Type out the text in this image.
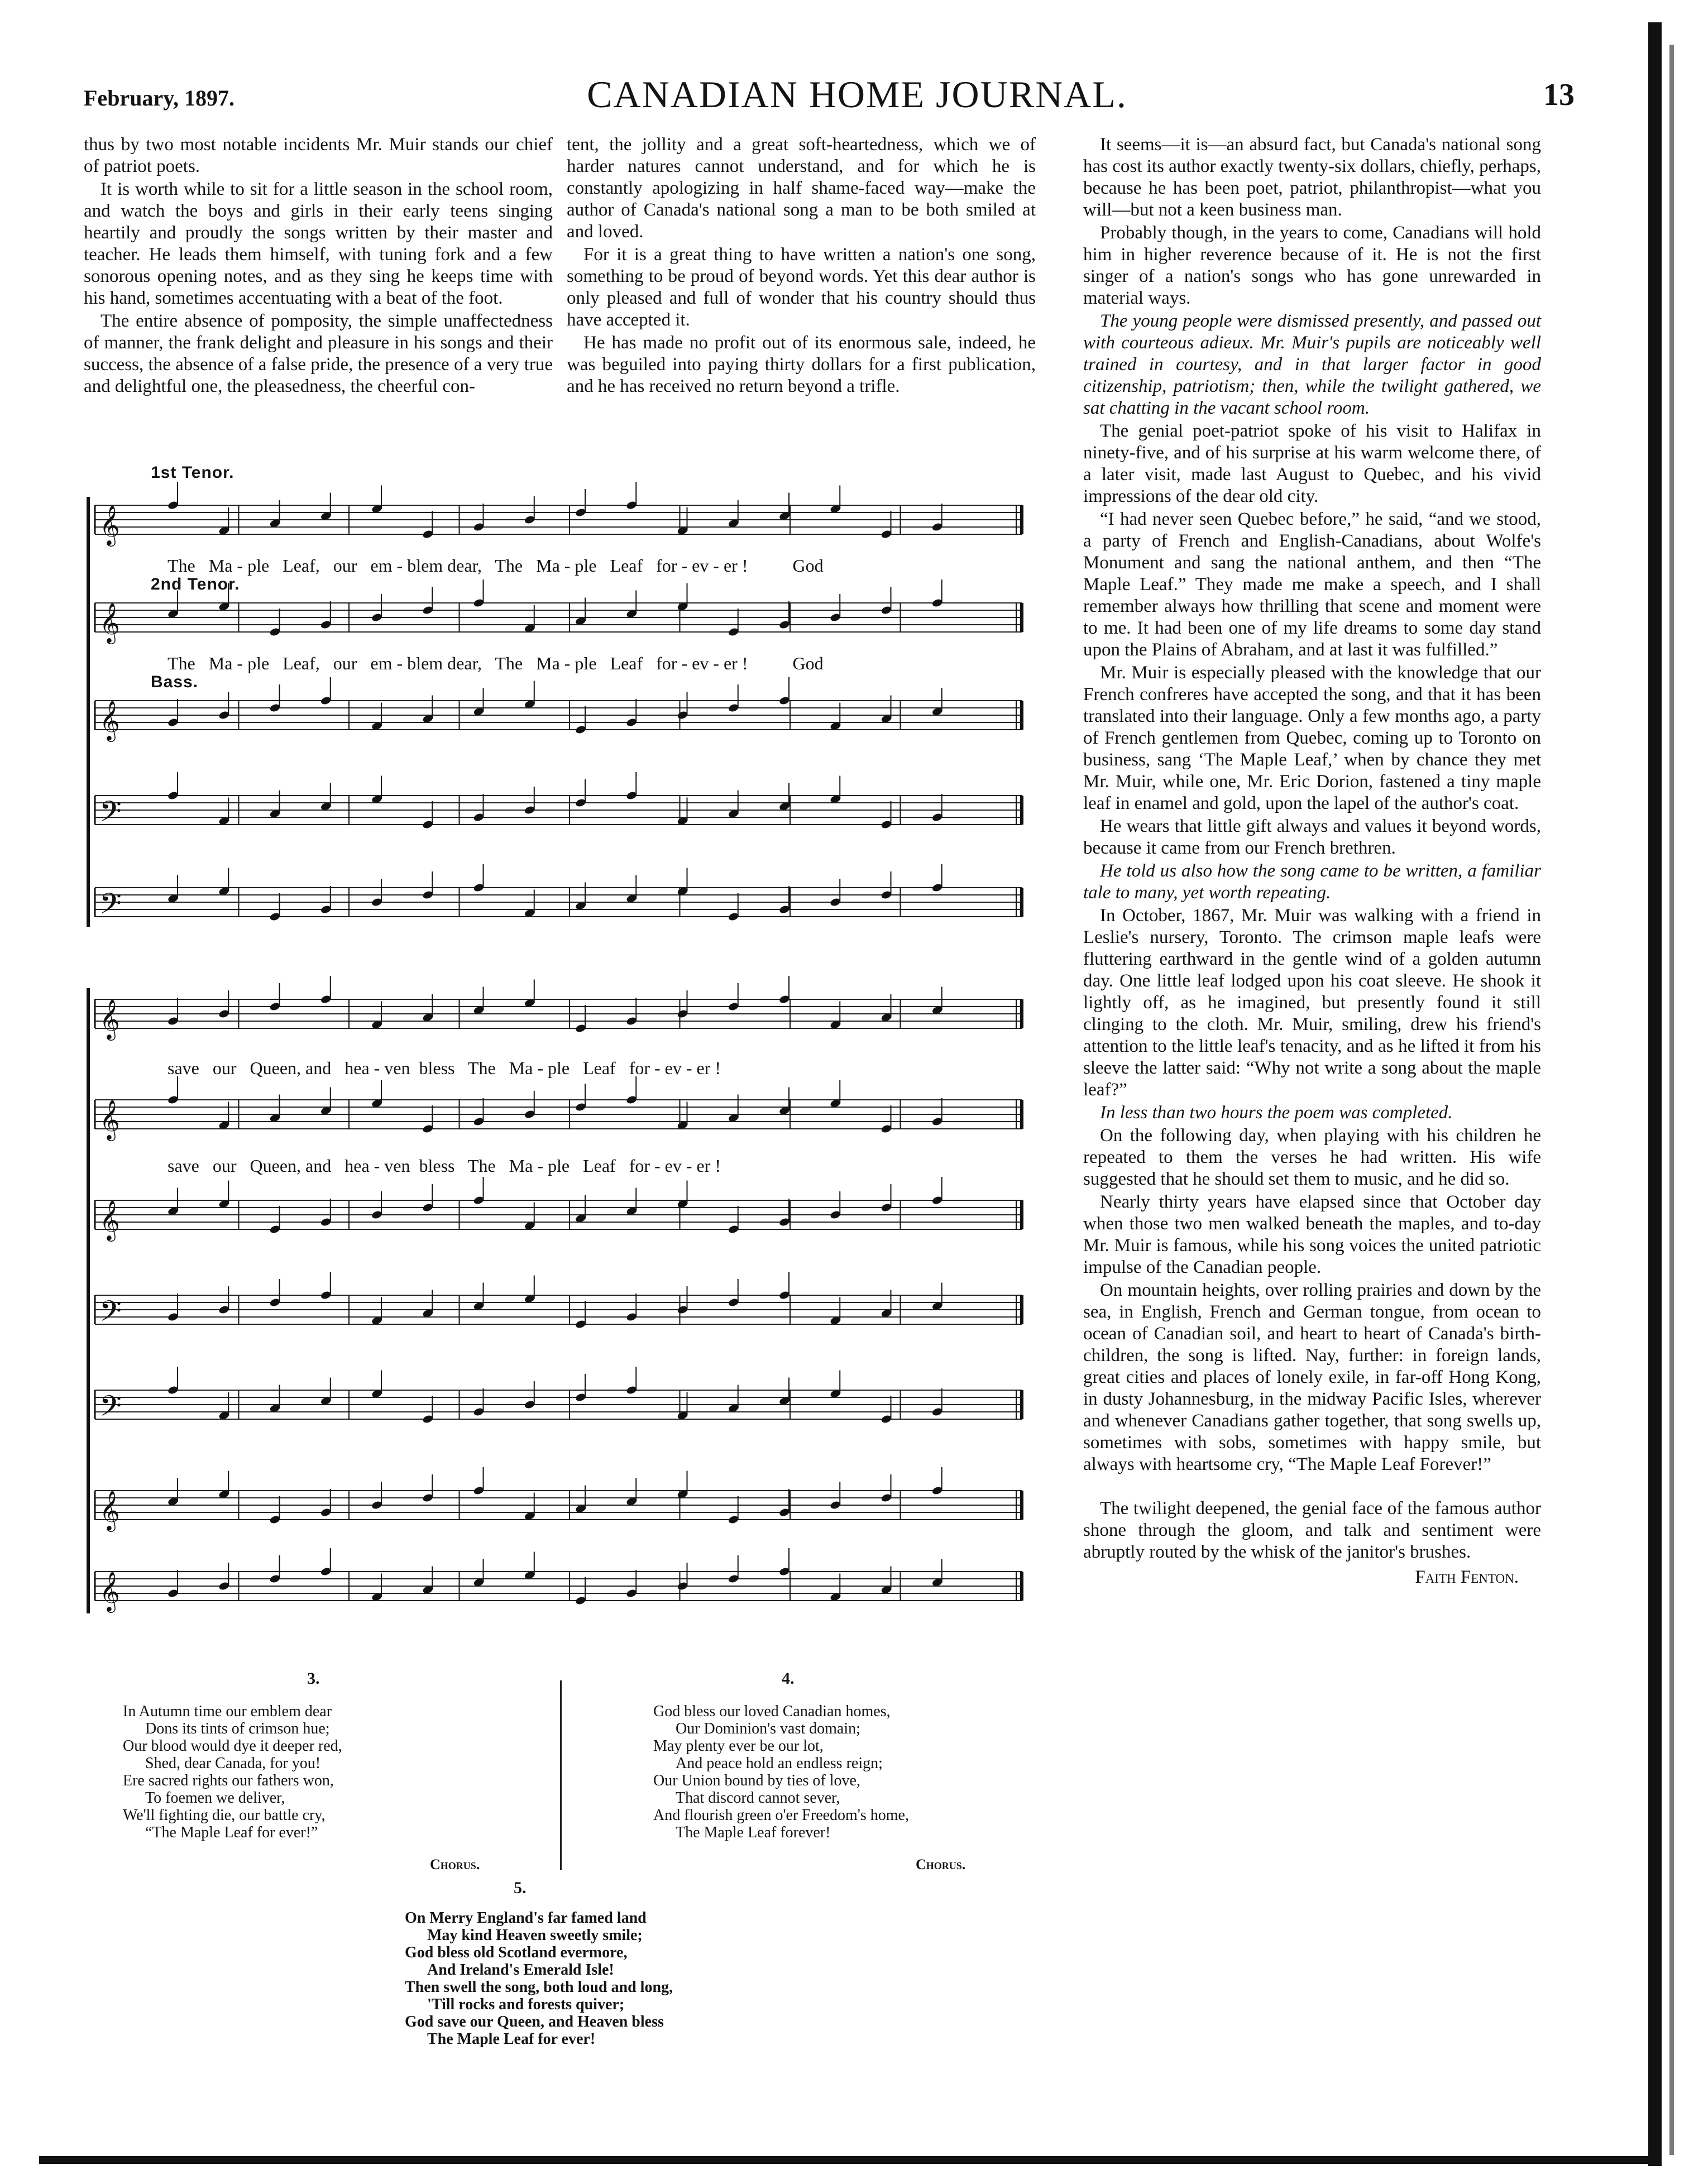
February, 1897.	CANADIAN HOME JOURNAL.	13

thus by two most notable incidents Mr. Muir stands our chief of patriot poets.

It is worth while to sit for a little season in the school room, and watch the boys and girls in their early teens singing heartily and proudly the songs written by their master and teacher. He leads them himself, with tuning fork and a few sonorous opening notes, and as they sing he keeps time with his hand, sometimes accentuating with a beat of the foot.

The entire absence of pomposity, the simple unaffectedness of manner, the frank delight and pleasure in his songs and their success, the absence of a false pride, the presence of a very true and delightful one, the pleasedness, the cheerful con-

tent, the jollity and a great soft-heartedness, which we of harder natures cannot understand, and for which he is constantly apologizing in half shame-faced way—make the author of Canada's national song a man to be both smiled at and loved.

For it is a great thing to have written a nation's one song, something to be proud of beyond words. Yet this dear author is only pleased and full of wonder that his country should thus have accepted it.

He has made no profit out of its enormous sale, indeed, he was beguiled into paying thirty dollars for a first publication, and he has received no return beyond a trifle.

It seems—it is—an absurd fact, but Canada's national song has cost its author exactly twenty-six dollars, chiefly, perhaps, because he has been poet, patriot, philanthropist—what you will—but not a keen business man.

Probably though, in the years to come, Canadians will hold him in higher reverence because of it. He is not the first singer of a nation's songs who has gone unrewarded in material ways.

The young people were dismissed presently, and passed out with courteous adieux. Mr. Muir's pupils are noticeably well trained in courtesy, and in that larger factor in good citizenship, patriotism; then, while the twilight gathered, we sat chatting in the vacant school room.

The genial poet-patriot spoke of his visit to Halifax in ninety-five, and of his surprise at his warm welcome there, of a later visit, made last August to Quebec, and his vivid impressions of the dear old city.

“I had never seen Quebec before,” he said, “and we stood, a party of French and English-Canadians, about Wolfe's Monument and sang the national anthem, and then “The Maple Leaf.” They made me make a speech, and I shall remember always how thrilling that scene and moment were to me. It had been one of my life dreams to some day stand upon the Plains of Abraham, and at last it was fulfilled.”

Mr. Muir is especially pleased with the knowledge that our French confreres have accepted the song, and that it has been translated into their language. Only a few months ago, a party of French gentlemen from Quebec, coming up to Toronto on business, sang ‘The Maple Leaf,’ when by chance they met Mr. Muir, while one, Mr. Eric Dorion, fastened a tiny maple leaf in enamel and gold, upon the lapel of the author's coat.

He wears that little gift always and values it beyond words, because it came from our French brethren.

He told us also how the song came to be written, a familiar tale to many, yet worth repeating.

In October, 1867, Mr. Muir was walking with a friend in Leslie's nursery, Toronto. The crimson maple leafs were fluttering earthward in the gentle wind of a golden autumn day. One little leaf lodged upon his coat sleeve. He shook it lightly off, as he imagined, but presently found it still clinging to the cloth. Mr. Muir, smiling, drew his friend's attention to the little leaf's tenacity, and as he lifted it from his sleeve the latter said: “Why not write a song about the maple leaf?”

In less than two hours the poem was completed.

On the following day, when playing with his children he repeated to them the verses he had written. His wife suggested that he should set them to music, and he did so.

Nearly thirty years have elapsed since that October day when those two men walked beneath the maples, and to-day Mr. Muir is famous, while his song voices the united patriotic impulse of the Canadian people.

On mountain heights, over rolling prairies and down by the sea, in English, French and German tongue, from ocean to ocean of Canadian soil, and heart to heart of Canada's birth-children, the song is lifted. Nay, further: in foreign lands, great cities and places of lonely exile, in far-off Hong Kong, in dusty Johannesburg, in the midway Pacific Isles, wherever and whenever Canadians gather together, that song swells up, sometimes with sobs, sometimes with happy smile, but always with heartsome cry, “The Maple Leaf Forever!”

The twilight deepened, the genial face of the famous author shone through the gloom, and talk and sentiment were abruptly routed by the whisk of the janitor's brushes.

Faith Fenton.

1st Tenor.
2nd Tenor.
Bass.
𝄞
𝄞
𝄞
𝄢
𝄢
𝄞
𝄞
𝄞
𝄢
𝄢
𝄞
𝄞
The   Ma - ple   Leaf,   our   em - blem dear,   The   Ma - ple   Leaf   for - ev - er !          God
The   Ma - ple   Leaf,   our   em - blem dear,   The   Ma - ple   Leaf   for - ev - er !          God
save   our   Queen, and   hea - ven  bless   The   Ma - ple   Leaf   for - ev - er !
save   our   Queen, and   hea - ven  bless   The   Ma - ple   Leaf   for - ev - er !
3.

In Autumn time our emblem dear

Dons its tints of crimson hue;

Our blood would dye it deeper red,

Shed, dear Canada, for you!

Ere sacred rights our fathers won,

To foemen we deliver,

We'll fighting die, our battle cry,

“The Maple Leaf for ever!”

Chorus.
4.

God bless our loved Canadian homes,

Our Dominion's vast domain;

May plenty ever be our lot,

And peace hold an endless reign;

Our Union bound by ties of love,

That discord cannot sever,

And flourish green o'er Freedom's home,

The Maple Leaf forever!

Chorus.
5.

On Merry England's far famed land

May kind Heaven sweetly smile;

God bless old Scotland evermore,

And Ireland's Emerald Isle!

Then swell the song, both loud and long,

'Till rocks and forests quiver;

God save our Queen, and Heaven bless

The Maple Leaf for ever!
